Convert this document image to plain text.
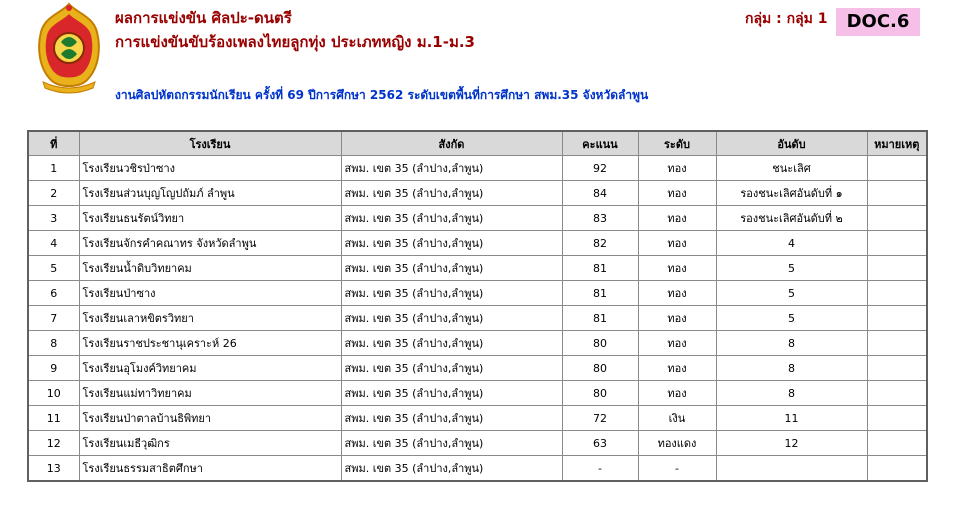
ผลการแข่งขัน ศิลปะ-ดนตรี
การแข่งขันขับร้องเพลงไทยลูกทุ่ง ประเภทหญิง ม.1-ม.3
งานศิลปหัตถกรรมนักเรียน ครั้งที่ 69 ปีการศึกษา 2562 ระดับเขตพื้นที่การศึกษา สพม.35 จังหวัดลำพูน
กลุ่ม : กลุ่ม 1	DOC.6
ที่	โรงเรียน	สังกัด	คะแนน	ระดับ	อันดับ	หมายเหตุ
1	โรงเรียนวชิรป่าซาง	สพม. เขต 35 (ลำปาง,ลำพูน)	92	ทอง	ชนะเลิศ	
2	โรงเรียนส่วนบุญโญปถัมภ์ ลำพูน	สพม. เขต 35 (ลำปาง,ลำพูน)	84	ทอง	รองชนะเลิศอันดับที่ ๑	
3	โรงเรียนธนรัตน์วิทยา	สพม. เขต 35 (ลำปาง,ลำพูน)	83	ทอง	รองชนะเลิศอันดับที่ ๒	
4	โรงเรียนจักรคำคณาทร จังหวัดลำพูน	สพม. เขต 35 (ลำปาง,ลำพูน)	82	ทอง	4	
5	โรงเรียนน้ำดิบวิทยาคม	สพม. เขต 35 (ลำปาง,ลำพูน)	81	ทอง	5	
6	โรงเรียนป่าซาง	สพม. เขต 35 (ลำปาง,ลำพูน)	81	ทอง	5	
7	โรงเรียนเลาหขิตรวิทยา	สพม. เขต 35 (ลำปาง,ลำพูน)	81	ทอง	5	
8	โรงเรียนราชประชานุเคราะห์ 26	สพม. เขต 35 (ลำปาง,ลำพูน)	80	ทอง	8	
9	โรงเรียนอุโมงค์วิทยาคม	สพม. เขต 35 (ลำปาง,ลำพูน)	80	ทอง	8	
10	โรงเรียนแม่ทาวิทยาคม	สพม. เขต 35 (ลำปาง,ลำพูน)	80	ทอง	8	
11	โรงเรียนป่าตาลบ้านธิพิทยา	สพม. เขต 35 (ลำปาง,ลำพูน)	72	เงิน	11	
12	โรงเรียนเมธีวุฒิกร	สพม. เขต 35 (ลำปาง,ลำพูน)	63	ทองแดง	12	
13	โรงเรียนธรรมสาธิตศึกษา	สพม. เขต 35 (ลำปาง,ลำพูน)	-	-		
